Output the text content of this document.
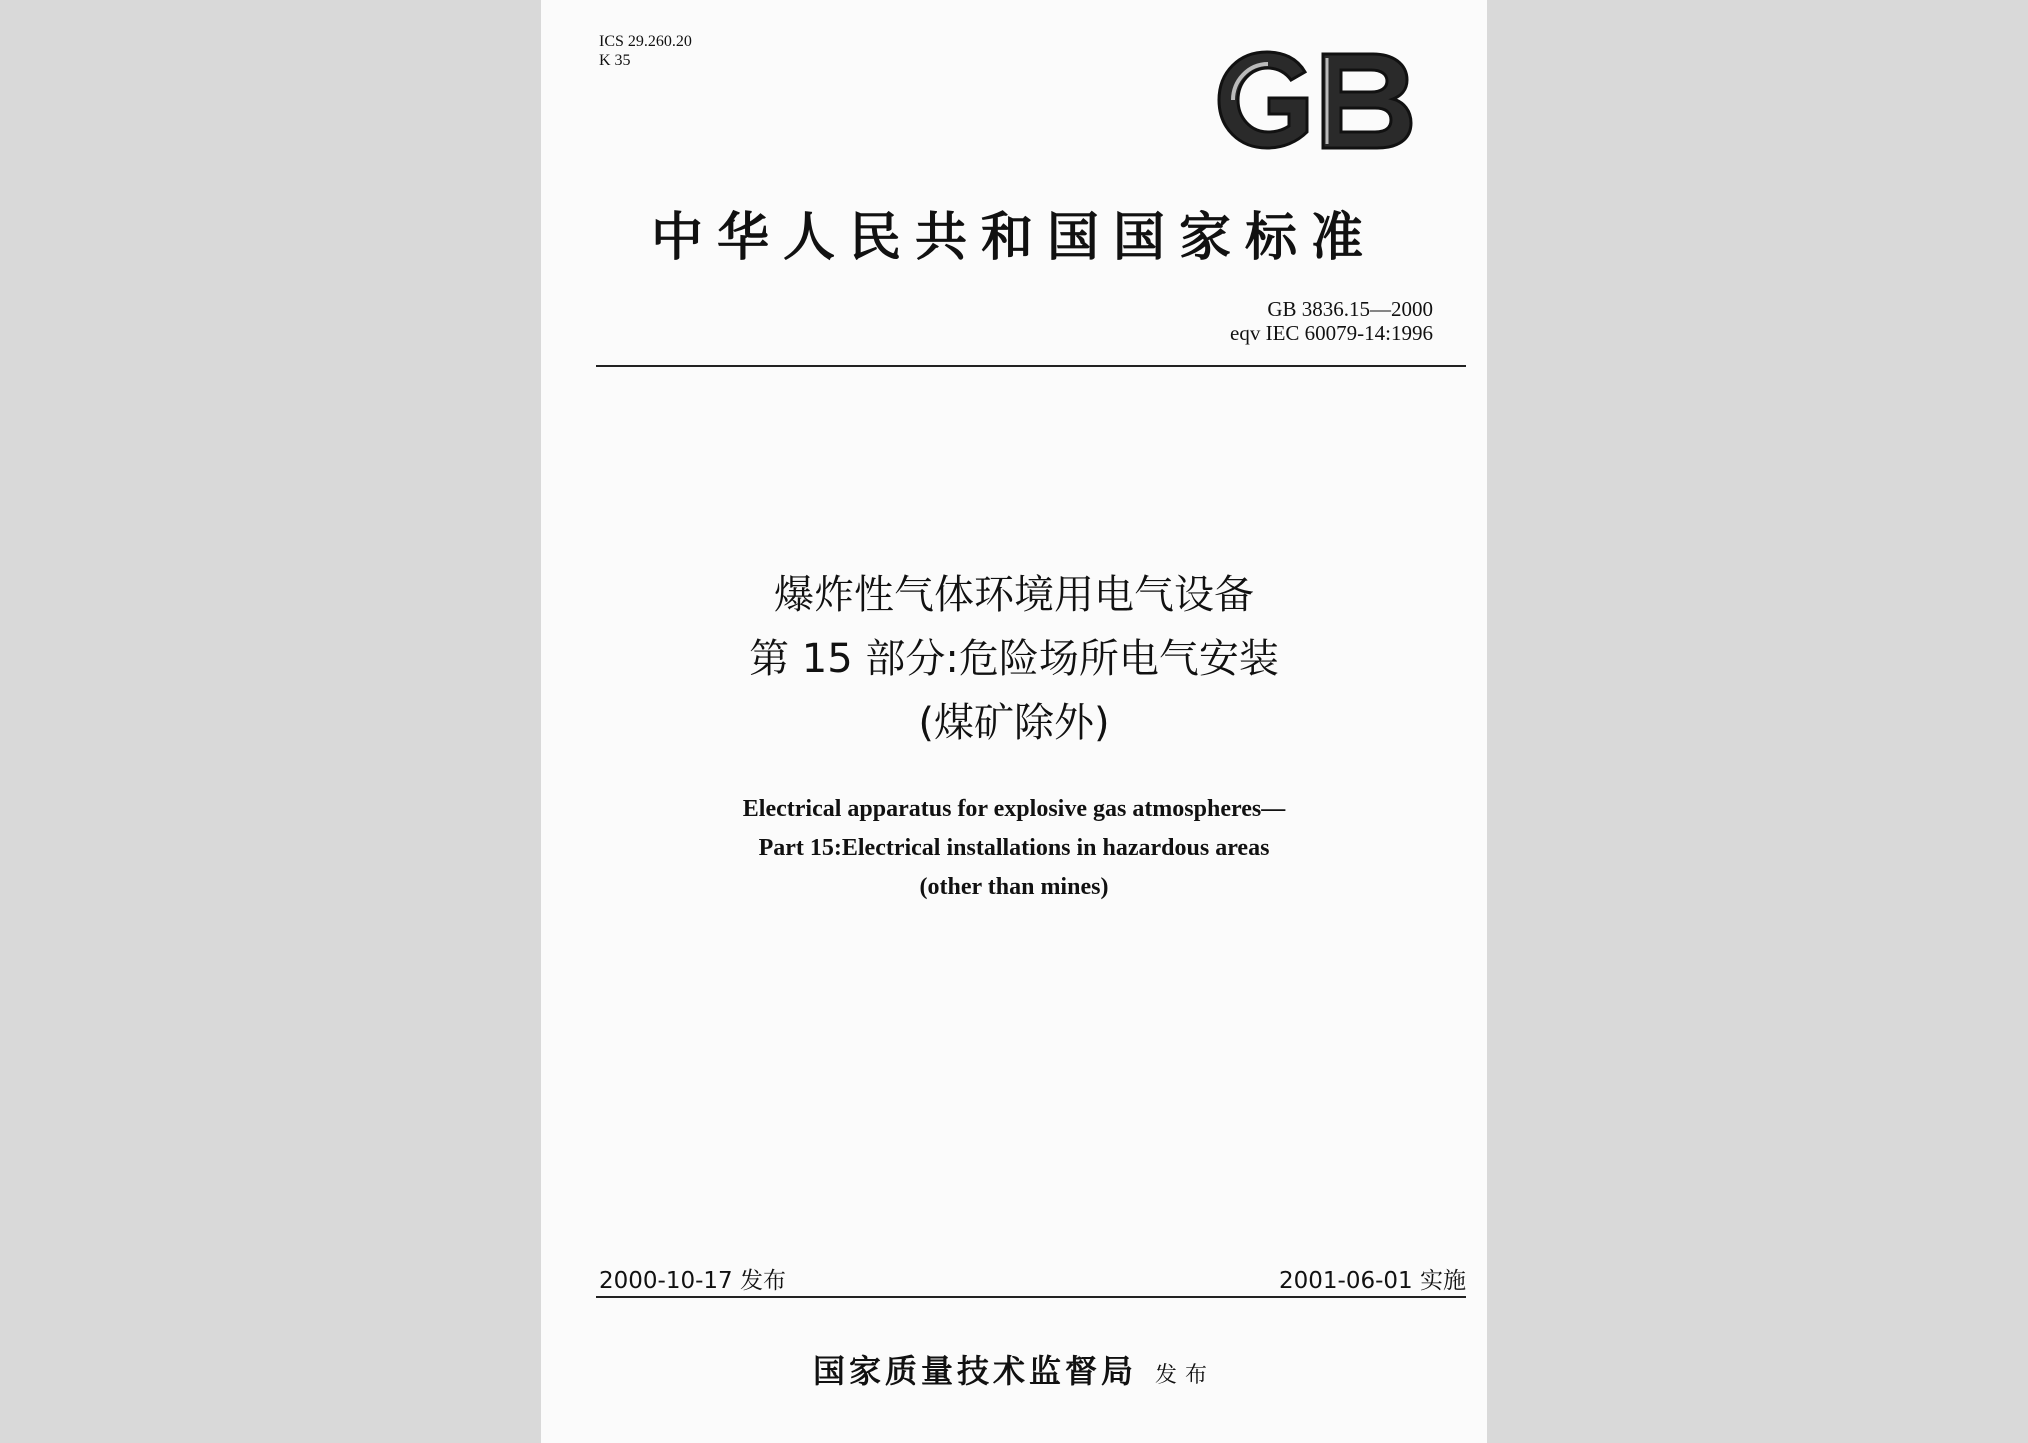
ICS 29.260.20
K 35
中华人民共和国国家标准
GB 3836.15—2000
eqv IEC 60079-14:1996
爆炸性气体环境用电气设备
第 15 部分:危险场所电气安装
(煤矿除外)
Electrical apparatus for explosive gas atmospheres—
Part 15:Electrical installations in hazardous areas
(other than mines)
2000-10-17 发布	2001-06-01 实施
国家质量技术监督局 发布
